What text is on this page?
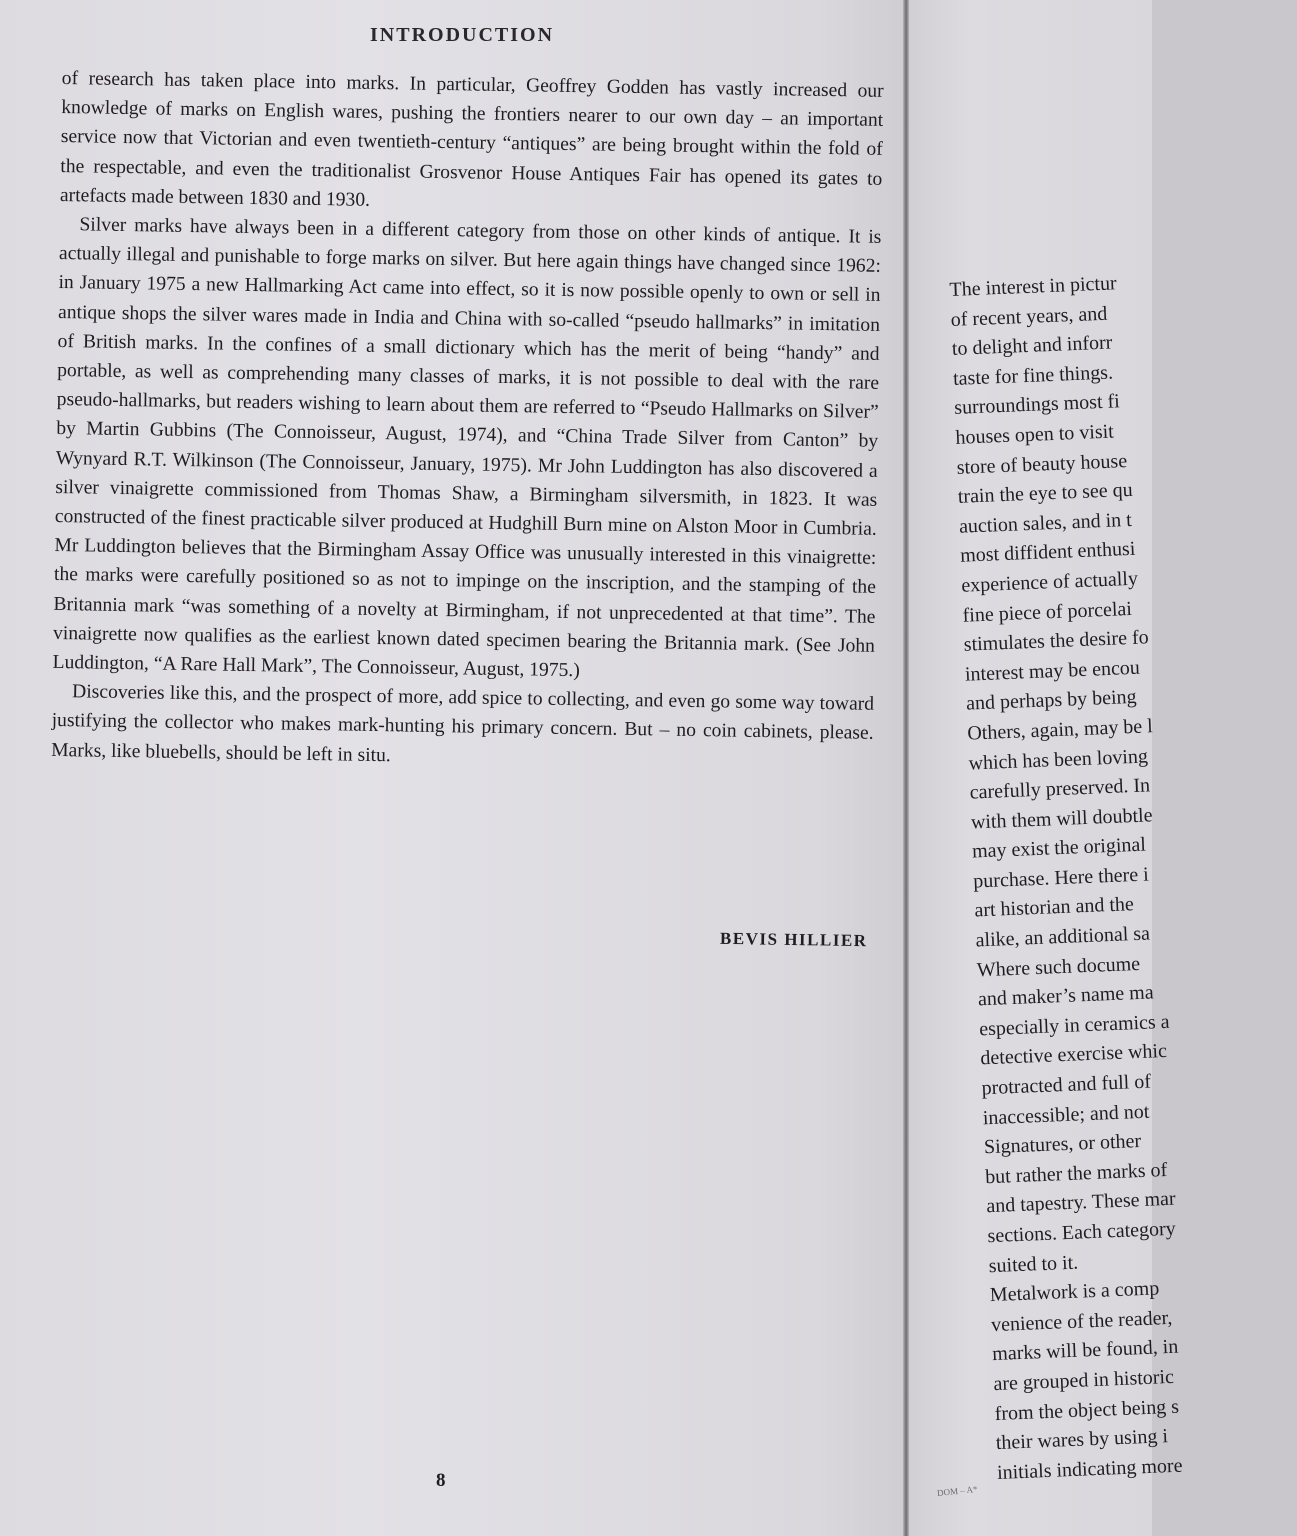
INTRODUCTION

of research has taken place into marks. In particular, Geoffrey Godden has vastly increased our knowledge of marks on English wares, pushing the frontiers nearer to our own day – an important service now that Victorian and even twentieth-century “antiques” are being brought within the fold of the respectable, and even the traditionalist Grosvenor House Antiques Fair has opened its gates to artefacts made between 1830 and 1930.

Silver marks have always been in a different category from those on other kinds of antique. It is actually illegal and punishable to forge marks on silver. But here again things have changed since 1962: in January 1975 a new Hallmarking Act came into effect, so it is now possible openly to own or sell in antique shops the silver wares made in India and China with so-called “pseudo hallmarks” in imitation of British marks. In the confines of a small dictionary which has the merit of being “handy” and portable, as well as comprehending many classes of marks, it is not possible to deal with the rare pseudo-hallmarks, but readers wishing to learn about them are referred to “Pseudo Hallmarks on Silver” by Martin Gubbins (The Connoisseur, August, 1974), and “China Trade Silver from Canton” by Wynyard R.T. Wilkinson (The Connoisseur, January, 1975). Mr John Luddington has also discovered a silver vinaigrette commissioned from Thomas Shaw, a Birmingham silversmith, in 1823. It was constructed of the finest practicable silver produced at Hudghill Burn mine on Alston Moor in Cumbria. Mr Luddington believes that the Birmingham Assay Office was unusually interested in this vinaigrette: the marks were carefully positioned so as not to impinge on the inscription, and the stamping of the Britannia mark “was something of a novelty at Birmingham, if not unprecedented at that time”. The vinaigrette now qualifies as the earliest known dated specimen bearing the Britannia mark. (See John Luddington, “A Rare Hall Mark”, The Connoisseur, August, 1975.)

Discoveries like this, and the prospect of more, add spice to collecting, and even go some way toward justifying the collector who makes mark-hunting his primary concern. But – no coin cabinets, please. Marks, like bluebells, should be left in situ.

BEVIS HILLIER
8
The interest in pictur
of recent years, and
to delight and inforr
taste for fine things.
surroundings most fi
houses open to visit
store of beauty house
train the eye to see qu
auction sales, and in t
most diffident enthusi
experience of actually
fine piece of porcelai
stimulates the desire fo
interest may be encou
and perhaps by being
Others, again, may be l
which has been loving
carefully preserved. In
with them will doubtle
may exist the original
purchase. Here there i
art historian and the
alike, an additional sa
Where such docume
and maker’s name ma
especially in ceramics a
detective exercise whic
protracted and full of
inaccessible; and not
Signatures, or other
but rather the marks of
and tapestry. These mar
sections. Each category
suited to it.
Metalwork is a comp
venience of the reader,
marks will be found, in
are grouped in historic
from the object being s
their wares by using i
initials indicating more
DOM – A*
